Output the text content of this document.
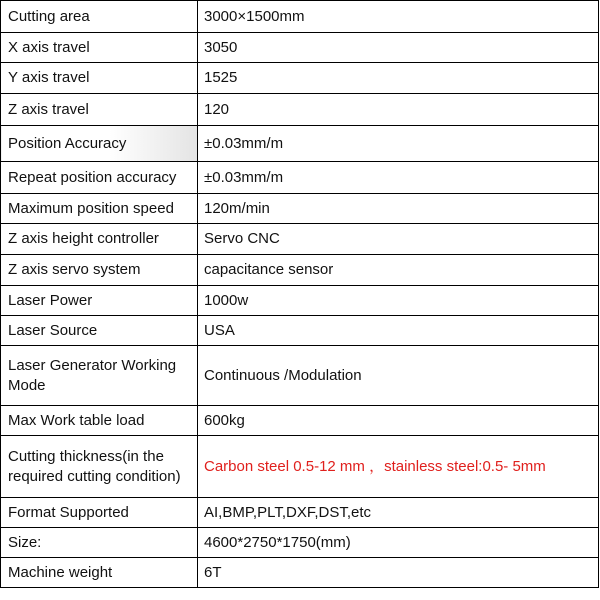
Cutting area	3000×1500mm
X axis travel	3050
Y axis travel	1525
Z axis travel	120
Position Accuracy	±0.03mm/m
Repeat position accuracy	±0.03mm/m
Maximum position speed	120m/min
Z axis height controller	Servo CNC
Z axis servo system	capacitance sensor
Laser Power	1000w
Laser Source	USA
Laser Generator Working Mode	Continuous /Modulation
Max Work table load	600kg
Cutting thickness(in the required cutting condition)	Carbon steel 0.5-12 mm ，stainless steel:0.5- 5mm
Format Supported	AI,BMP,PLT,DXF,DST,etc
Size:	4600*2750*1750(mm)
Machine weight	6T
